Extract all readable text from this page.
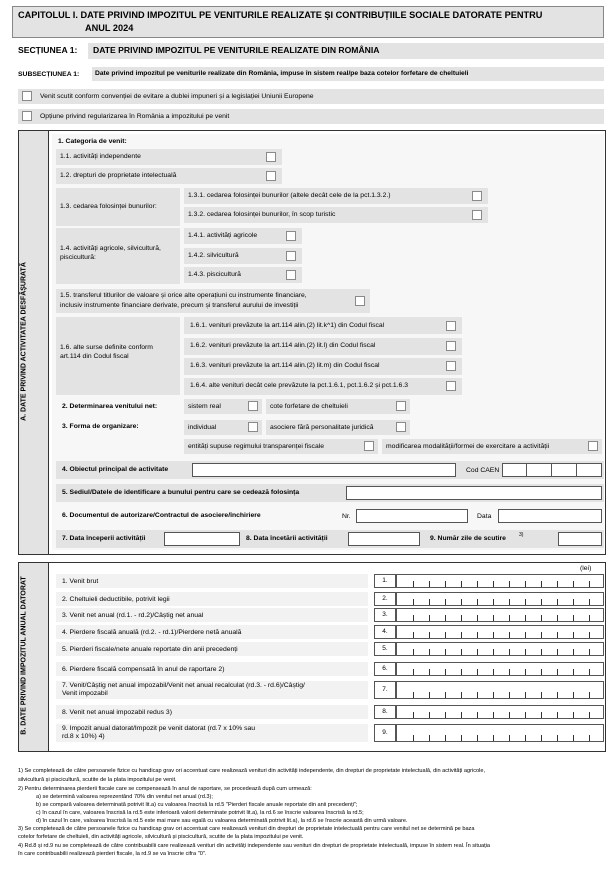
CAPITOLUL I. DATE PRIVIND IMPOZITUL PE VENITURILE REALIZATE ȘI CONTRIBUȚIILE SOCIALE DATORATE PENTRU
ANUL 2024
SECȚIUNEA 1: DATE PRIVIND IMPOZITUL PE VENITURILE REALIZATE DIN ROMÂNIA
SUBSECȚIUNEA 1: Date privind impozitul pe veniturile realizate din România, impuse în sistem real/pe baza cotelor forfetare de cheltuieli
Venit scutit conform convenției de evitare a dublei impuneri și a legislației Uniunii Europene
Opțiune privind regularizarea în România a impozitului pe venit
A. DATE PRIVIND ACTIVITATEA DESFĂȘURATĂ
1. Categoria de venit:
1.1. activități independente
1.2. drepturi de proprietate intelectuală
1.3. cedarea folosinței bunurilor:
1.3.1. cedarea folosinței bunurilor (altele decât cele de la pct.1.3.2.)
1.3.2. cedarea folosinței bunurilor, în scop turistic
1.4. activități agricole, silvicultură,
piscicultură:
1.4.1. activități agricole
1.4.2. silvicultură
1.4.3. piscicultură
1.5. transferul titlurilor de valoare și orice alte operațiuni cu instrumente financiare,
inclusiv instrumente financiare derivate, precum și transferul aurului de investiții
1.6. alte surse definite conform
art.114 din Codul fiscal
1.6.1. venituri prevăzute la art.114 alin.(2) lit.k^1) din Codul fiscal
1.6.2. venituri prevăzute la art.114 alin.(2) lit.l) din Codul fiscal
1.6.3. venituri prevăzute la art.114 alin.(2) lit.m) din Codul fiscal
1.6.4. alte venituri decât cele prevăzute la pct.1.6.1, pct.1.6.2 și pct.1.6.3
2. Determinarea venitului net:	sistem real	cote forfetare de cheltuieli
3. Forma de organizare:	individual	asociere fără personalitate juridică
entități supuse regimului transparenței fiscale	modificarea modalității/formei de exercitare a activității
4. Obiectul principal de activitate	Cod CAEN
5. Sediul/Datele de identificare a bunului pentru care se cedează folosința
6. Documentul de autorizare/Contractul de asociere/închiriere	Nr.	Data
7. Data începerii activității	8. Data încetării activității	9. Număr zile de scutire	3)
B. DATE PRIVIND IMPOZITUL ANUAL DATORAT
(lei)
1. Venit brut	1.
2. Cheltuieli deductibile, potrivit legii	2.
3. Venit net anual (rd.1. - rd.2)/Câștig net anual	3.
4. Pierdere fiscală anuală (rd.2. - rd.1)/Pierdere netă anuală	4.
5. Pierderi fiscale/nete anuale reportate din anii precedenți	5.
6. Pierdere fiscală compensată în anul de raportare 2)	6.
7. Venit/Câștig net anual impozabil/Venit net anual recalculat (rd.3. - rd.6)/Câștig/
Venit impozabil
7.
8. Venit net anual impozabil redus 3)	8.
9. Impozit anual datorat/Impozit pe venit datorat (rd.7 x 10% sau
rd.8 x 10%) 4)
9.
1) Se completează de către persoanele fizice cu handicap grav ori accentuat care realizează venituri din activități independente, din drepturi de proprietate intelectuală, din activități agricole,
silvicultură și piscicultură, scutite de la plata impozitului pe venit.
2) Pentru determinarea pierderii fiscale care se compensează în anul de raportare, se procedează după cum urmează:
a) se determină valoarea reprezentând 70% din venitul net anual (rd.3);
b) se compară valoarea determinată potrivit lit.a) cu valoarea înscrisă la rd.5 "Pierderi fiscale anuale reportate din anii precedenți";
c) în cazul în care, valoarea înscrisă la rd.5 este inferioară valorii determinate potrivit lit.a), la rd.6 se înscrie valoarea înscrisă la rd.5;
d) în cazul în care, valoarea înscrisă la rd.5 este mai mare sau egală cu valoarea determinată potrivit lit.a), la rd.6 se înscrie această din urmă valoare.
3) Se completează de către persoanele fizice cu handicap grav ori accentuat care realizează venituri din drepturi de proprietate intelectuală pentru care venitul net se determină pe baza
cotelor forfetare de cheltuieli, din activități agricole, silvicultură și piscicultură, scutite de la plata impozitului pe venit.
4) Rd.8 și rd.9 nu se completează de către contribuabilii care realizează venituri din activități independente sau venituri din drepturi de proprietate intelectuală, impuse în sistem real. În situația
în care contribuabilii realizează pierderi fiscale, la rd.9 se va înscrie cifra "0".
